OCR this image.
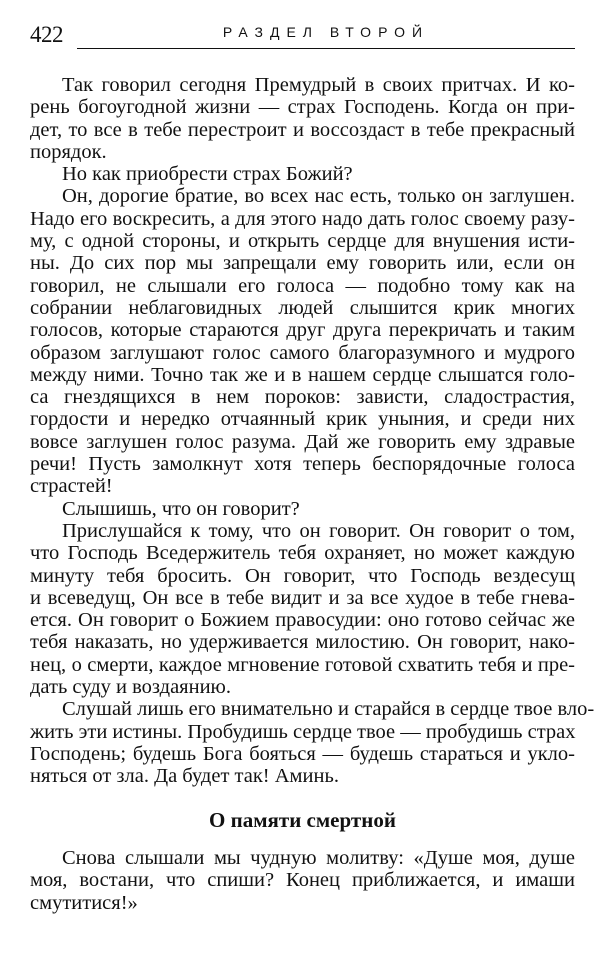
422	РАЗДЕЛ ВТОРОЙ
Так говорил сегодня Премудрый в своих притчах. И ко-
рень богоугодной жизни — страх Господень. Когда он при-
дет, то все в тебе перестроит и воссоздаст в тебе прекрасный
порядок.
Но как приобрести страх Божий?
Он, дорогие братие, во всех нас есть, только он заглушен.
Надо его воскресить, а для этого надо дать голос своему разу-
му, с одной стороны, и открыть сердце для внушения исти-
ны. До сих пор мы запрещали ему говорить или, если он
говорил, не слышали его голоса — подобно тому как на
собрании неблаговидных людей слышится крик многих
голосов, которые стараются друг друга перекричать и таким
образом заглушают голос самого благоразумного и мудрого
между ними. Точно так же и в нашем сердце слышатся голо-
са гнездящихся в нем пороков: зависти, сладострастия,
гордости и нередко отчаянный крик уныния, и среди них
вовсе заглушен голос разума. Дай же говорить ему здравые
речи! Пусть замолкнут хотя теперь беспорядочные голоса
страстей!
Слышишь, что он говорит?
Прислушайся к тому, что он говорит. Он говорит о том,
что Господь Вседержитель тебя охраняет, но может каждую
минуту тебя бросить. Он говорит, что Господь вездесущ
и всеведущ, Он все в тебе видит и за все худое в тебе гнева-
ется. Он говорит о Божием правосудии: оно готово сейчас же
тебя наказать, но удерживается милостию. Он говорит, нако-
нец, о смерти, каждое мгновение готовой схватить тебя и пре-
дать суду и воздаянию.
Слушай лишь его внимательно и старайся в сердце твое вло-
жить эти истины. Пробудишь сердце твое — пробудишь страх
Господень; будешь Бога бояться — будешь стараться и укло-
няться от зла. Да будет так! Аминь.
О памяти смертной
Снова слышали мы чудную молитву: «Душе моя, душе
моя, востани, что спиши? Конец приближается, и имаши
смутитися!»
